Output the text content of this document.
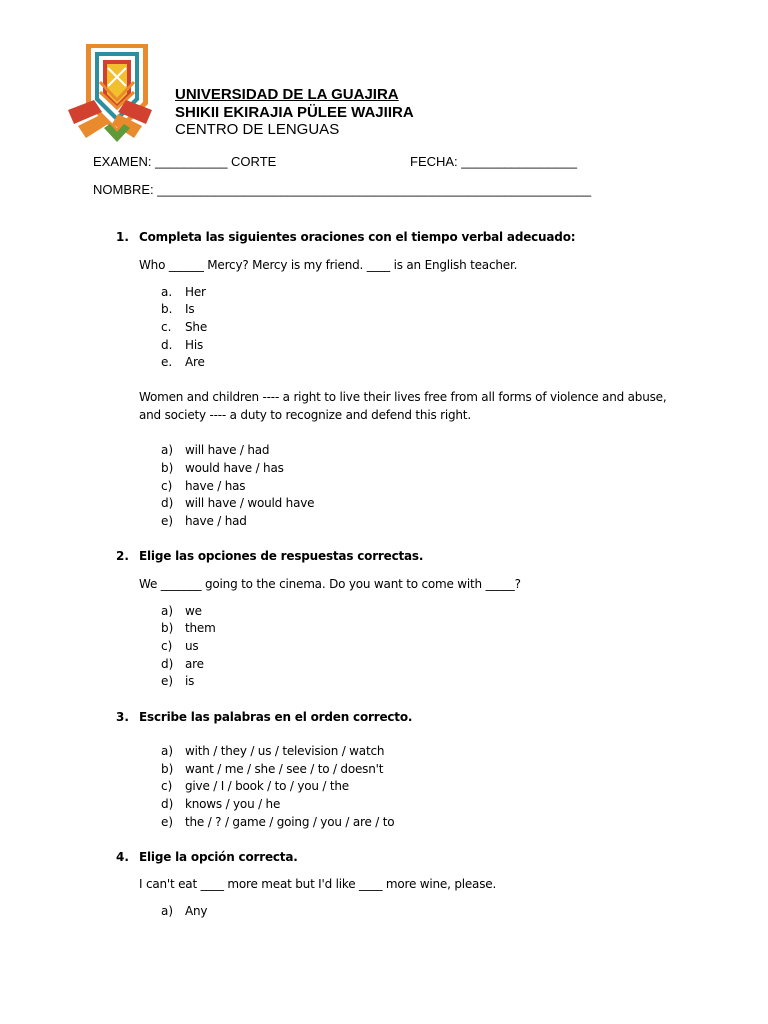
UNIVERSIDAD DE LA GUAJIRA
SHIKII EKIRAJIA PÜLEE WAJIIRA
CENTRO DE LENGUAS
EXAMEN: __________ CORTE	FECHA: ________________
NOMBRE: ____________________________________________________________
1. Completa las siguientes oraciones con el tiempo verbal adecuado:
Who ______ Mercy? Mercy is my friend. ____ is an English teacher.
a. Her
b. Is
c. She
d. His
e. Are
Women and children ---- a right to live their lives free from all forms of violence and abuse,
and society ---- a duty to recognize and defend this right.
a) will have / had
b) would have / has
c) have / has
d) will have / would have
e) have / had
2. Elige las opciones de respuestas correctas.
We _______ going to the cinema. Do you want to come with _____?
a) we
b) them
c) us
d) are
e) is
3. Escribe las palabras en el orden correcto.
a) with / they / us / television / watch
b) want / me / she / see / to / doesn't
c) give / I / book / to / you / the
d) knows / you / he
e) the / ? / game / going / you / are / to
4. Elige la opción correcta.
I can't eat ____ more meat but I'd like ____ more wine, please.
a) Any
